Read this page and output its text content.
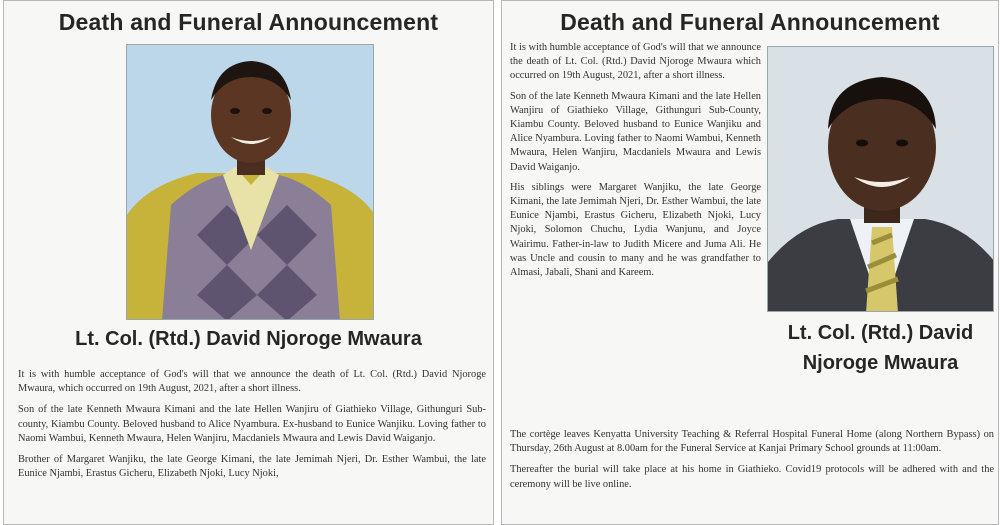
Death and Funeral Announcement
Lt. Col. (Rtd.) David Njoroge Mwaura

It is with humble acceptance of God's will that we announce the death of Lt. Col. (Rtd.) David Njoroge Mwaura, which occurred on 19th August, 2021, after a short illness.

Son of the late Kenneth Mwaura Kimani and the late Hellen Wanjiru of Giathieko Village, Githunguri Sub-county, Kiambu County. Beloved husband to Alice Nyambura. Ex-husband to Eunice Wanjiku. Loving father to Naomi Wambui, Kenneth Mwaura, Helen Wanjiru, Macdaniels Mwaura and Lewis David Waiganjo.

Brother of Margaret Wanjiku, the late George Kimani, the late Jemimah Njeri, Dr. Esther Wambui, the late Eunice Njambi, Erastus Gicheru, Elizabeth Njoki, Lucy Njoki,

Death and Funeral Announcement

It is with humble acceptance of God's will that we announce the death of Lt. Col. (Rtd.) David Njoroge Mwaura which occurred on 19th August, 2021, after a short illness.

Son of the late Kenneth Mwaura Kimani and the late Hellen Wanjiru of Giathieko Village, Githunguri Sub-County, Kiambu County. Beloved husband to Eunice Wanjiku and Alice Nyambura. Loving father to Naomi Wambui, Kenneth Mwaura, Helen Wanjiru, Macdaniels Mwaura and Lewis David Waiganjo.

His siblings were Margaret Wanjiku, the late George Kimani, the late Jemimah Njeri, Dr. Esther Wambui, the late Eunice Njambi, Erastus Gicheru, Elizabeth Njoki, Lucy Njoki, Solomon Chuchu, Lydia Wanjunu, and Joyce Wairimu. Father-in-law to Judith Micere and Juma Ali. He was Uncle and cousin to many and he was grandfather to Almasi, Jabali, Shani and Kareem.

Lt. Col. (Rtd.) David
Njoroge Mwaura

The cortège leaves Kenyatta University Teaching & Referral Hospital Funeral Home (along Northern Bypass) on Thursday, 26th August at 8.00am for the Funeral Service at Kanjai Primary School grounds at 11:00am.

Thereafter the burial will take place at his home in Giathieko. Covid19 protocols will be adhered with and the ceremony will be live online.
